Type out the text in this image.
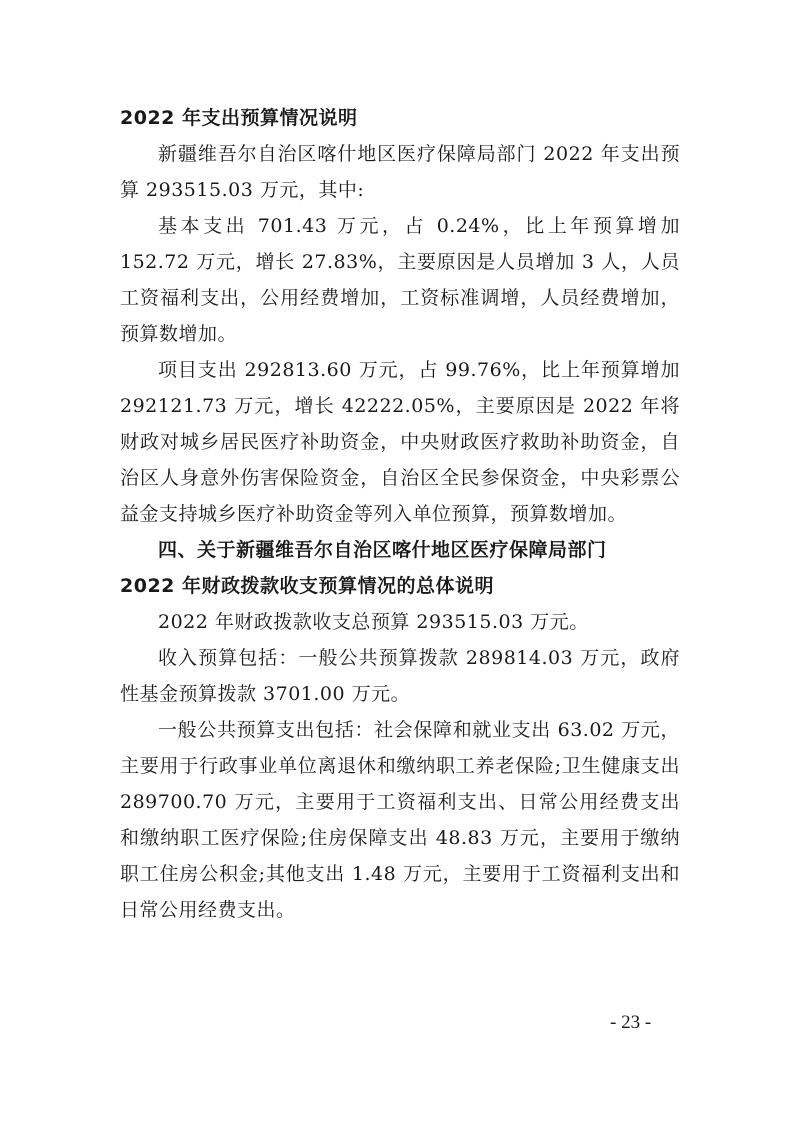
2022 年支出预算情况说明

新疆维吾尔自治区喀什地区医疗保障局部门 2022 年支出预算 293515.03 万元，其中:

基本支出 701.43 万元，占 0.24%，比上年预算增加 152.72 万元，增长 27.83%，主要原因是人员增加 3 人，人员工资福利支出，公用经费增加，工资标准调增，人员经费增加，预算数增加。

项目支出 292813.60 万元，占 99.76%，比上年预算增加 292121.73 万元，增长 42222.05%，主要原因是 2022 年将财政对城乡居民医疗补助资金，中央财政医疗救助补助资金，自治区人身意外伤害保险资金，自治区全民参保资金，中央彩票公益金支持城乡医疗补助资金等列入单位预算，预算数增加。

四、关于新疆维吾尔自治区喀什地区医疗保障局部门
2022 年财政拨款收支预算情况的总体说明

2022 年财政拨款收支总预算 293515.03 万元。

收入预算包括：一般公共预算拨款 289814.03 万元，政府性基金预算拨款 3701.00 万元。

一般公共预算支出包括：社会保障和就业支出 63.02 万元，主要用于行政事业单位离退休和缴纳职工养老保险;卫生健康支出 289700.70 万元，主要用于工资福利支出、日常公用经费支出和缴纳职工医疗保险;住房保障支出 48.83 万元，主要用于缴纳职工住房公积金;其他支出 1.48 万元，主要用于工资福利支出和日常公用经费支出。

- 23 -
